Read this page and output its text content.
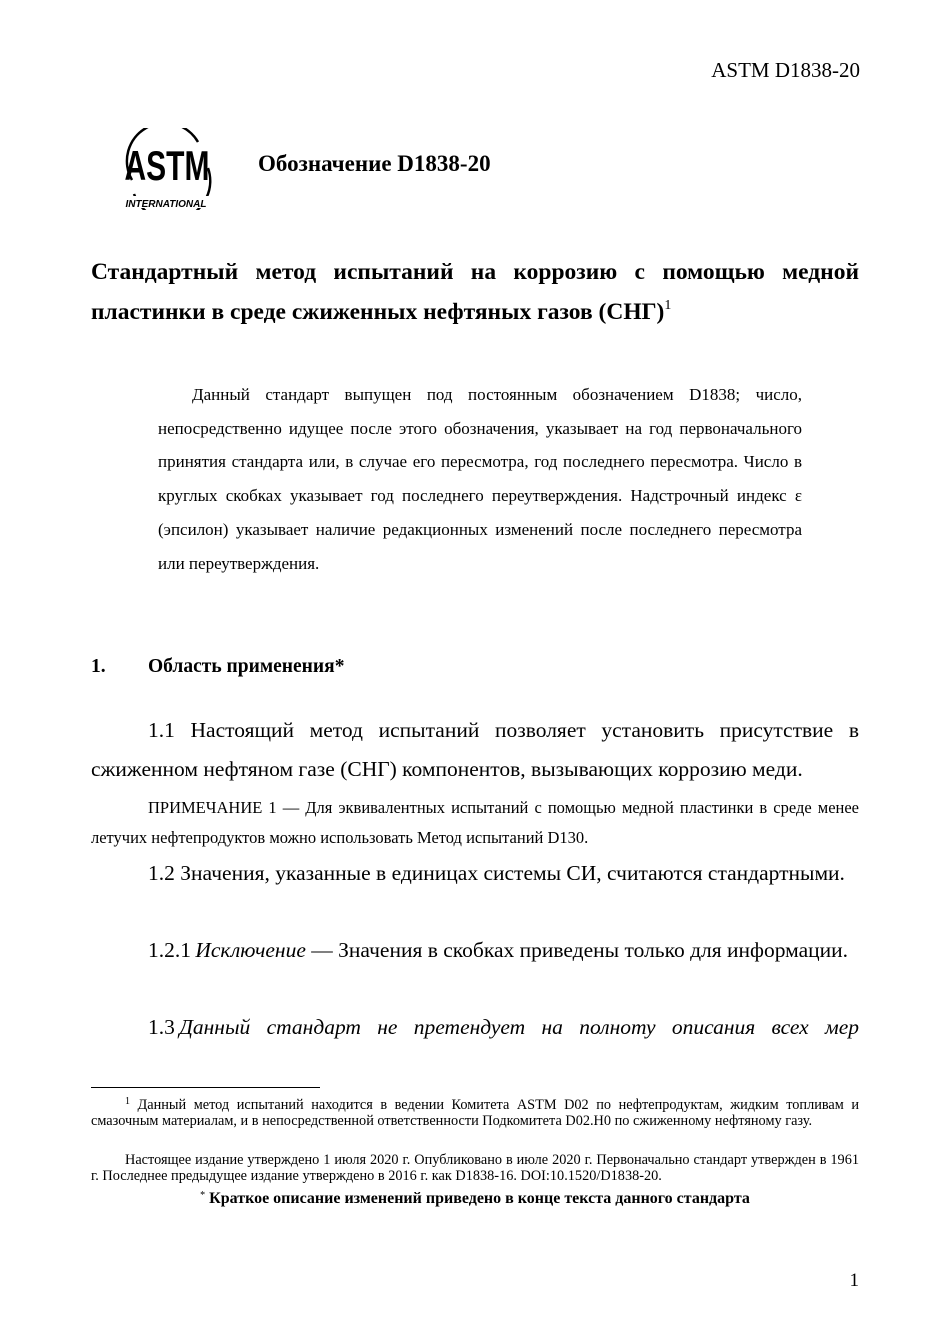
ASTM D1838-20
ASTM
INTERNATIONAL
Обозначение D1838-20
Стандартный метод испытаний на коррозию с помощью медной пластинки в среде сжиженных нефтяных газов (СНГ)$^1$
Данный стандарт выпущен под постоянным обозначением D1838; число, непосредственно идущее после этого обозначения, указывает на год первоначального принятия стандарта или, в случае его пересмотра, год последнего пересмотра. Число в круглых скобках указывает год последнего переутверждения. Надстрочный индекс ε (эпсилон) указывает наличие редакционных изменений после последнего пересмотра или переутверждения.
1. Область применения*
1.1 Настоящий метод испытаний позволяет установить присутствие в сжиженном нефтяном газе (СНГ) компонентов, вызывающих коррозию меди.
ПРИМЕЧАНИЕ 1 — Для эквивалентных испытаний с помощью медной пластинки в среде менее летучих нефтепродуктов можно использовать Метод испытаний D130.
1.2 Значения, указанные в единицах системы СИ, считаются стандартными.
1.2.1  Исключение — Значения в скобках приведены только для информации.
1.3  Данный стандарт не претендует на полноту описания всех мер
$^1$ Данный метод испытаний находится в ведении Комитета ASTM D02 по нефтепродуктам, жидким топливам и смазочным материалам, и в непосредственной ответственности Подкомитета D02.H0 по сжиженному нефтяному газу.
Настоящее издание утверждено 1 июля 2020 г. Опубликовано в июле 2020 г. Первоначально стандарт утвержден в 1961 г. Последнее предыдущее издание утверждено в 2016 г. как D1838-16. DOI:10.1520/D1838-20.
* Краткое описание изменений приведено в конце текста данного стандарта
1
